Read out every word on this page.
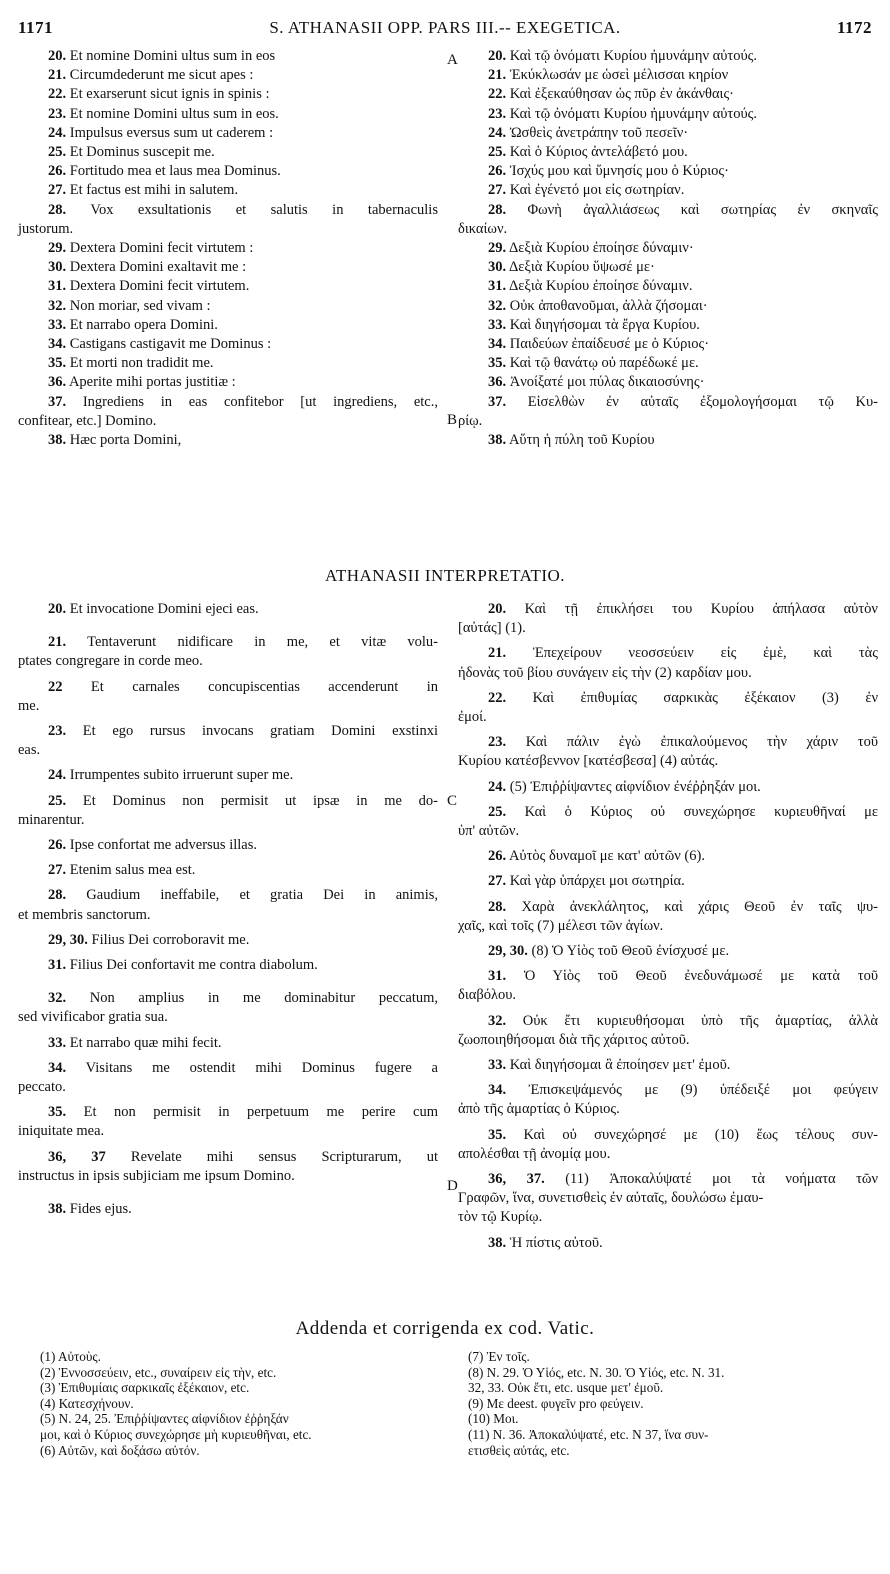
1171	S. ATHANASII OPP. PARS III.-- EXEGETICA.	1172
A
B
C
D
20. Et nomine Domini ultus sum in eos
21. Circumdederunt me sicut apes :
22. Et exarserunt sicut ignis in spinis :
23. Et nomine Domini ultus sum in eos.
24. Impulsus eversus sum ut caderem :
25. Et Dominus suscepit me.
26. Fortitudo mea et laus mea Dominus.
27. Et factus est mihi in salutem.
28. Vox exsultationis et salutis in tabernaculis
justorum.
29. Dextera Domini fecit virtutem :
30. Dextera Domini exaltavit me :
31. Dextera Domini fecit virtutem.
32. Non moriar, sed vivam :
33. Et narrabo opera Domini.
34. Castigans castigavit me Dominus :
35. Et morti non tradidit me.
36. Aperite mihi portas justitiæ :
37. Ingrediens in eas confitebor [ut ingrediens, etc.,
confitear, etc.] Domino.
38. Hæc porta Domini,
20. Καὶ τῷ ὀνόματι Κυρίου ἠμυνάμην αὐτούς.
21. Ἐκύκλωσάν με ὡσεὶ μέλισσαι κηρίον
22. Καὶ ἐξεκαύθησαν ὡς πῦρ ἐν ἀκάνθαις·
23. Καὶ τῷ ὀνόματι Κυρίου ἠμυνάμην αὐτούς.
24. Ὠσθεὶς ἀνετράπην τοῦ πεσεῖν·
25. Καὶ ὁ Κύριος ἀντελάβετό μου.
26. Ἰσχύς μου καὶ ὕμνησίς μου ὁ Κύριος·
27. Καὶ ἐγένετό μοι εἰς σωτηρίαν.
28. Φωνὴ ἀγαλλιάσεως καὶ σωτηρίας ἐν σκηναῖς
δικαίων.
29. Δεξιὰ Κυρίου ἐποίησε δύναμιν·
30. Δεξιὰ Κυρίου ὕψωσέ με·
31. Δεξιὰ Κυρίου ἐποίησε δύναμιν.
32. Οὐκ ἀποθανοῦμαι, ἀλλὰ ζήσομαι·
33. Καὶ διηγήσομαι τὰ ἔργα Κυρίου.
34. Παιδεύων ἐπαίδευσέ με ὁ Κύριος·
35. Καὶ τῷ θανάτῳ οὐ παρέδωκέ με.
36. Ἀνοίξατέ μοι πύλας δικαιοσύνης·
37. Εἰσελθὼν ἐν αὐταῖς ἐξομολογήσομαι τῷ Κυ-
ρίῳ.
38. Αὕτη ἡ πύλη τοῦ Κυρίου
ATHANASII INTERPRETATIO.
20. Et invocatione Domini ejeci eas.
21. Tentaverunt nidificare in me, et vitæ volu-
ptates congregare in corde meo.
22 Et carnales concupiscentias accenderunt in
me.
23. Et ego rursus invocans gratiam Domini exstinxi
eas.
24. Irrumpentes subito irruerunt super me.
25. Et Dominus non permisit ut ipsæ in me do-
minarentur.
26. Ipse confortat me adversus illas.
27. Etenim salus mea est.
28. Gaudium ineffabile, et gratia Dei in animis,
et membris sanctorum.
29, 30. Filius Dei corroboravit me.
31. Filius Dei confortavit me contra diabolum.
32. Non amplius in me dominabitur peccatum,
sed vivificabor gratia sua.
33. Et narrabo quæ mihi fecit.
34. Visitans me ostendit mihi Dominus fugere a
peccato.
35. Et non permisit in perpetuum me perire cum
iniquitate mea.
36, 37 Revelate mihi sensus Scripturarum, ut
instructus in ipsis subjiciam me ipsum Domino.
38. Fides ejus.
20. Καὶ τῇ ἐπικλήσει του Κυρίου ἀπήλασα αὐτὸν
[αὐτάς] (1).
21. Ἐπεχείρουν νεοσσεύειν εἰς ἐμὲ, καὶ τὰς
ἡδονὰς τοῦ βίου συνάγειν εἰς τὴν (2) καρδίαν μου.
22. Καὶ ἐπιθυμίας σαρκικὰς ἐξέκαιον (3) ἐν
ἐμοί.
23. Καὶ πάλιν ἐγὼ ἐπικαλούμενος τὴν χάριν τοῦ
Κυρίου κατέσβεννον [κατέσβεσα] (4) αὐτάς.
24. (5) Ἐπιῤῥίψαντες αἰφνίδιον ἐνέῤῥηξάν μοι.
25. Καὶ ὁ Κύριος οὐ συνεχώρησε κυριευθῆναί με
ὑπ' αὐτῶν.
26. Αὐτὸς δυναμοῖ με κατ' αὐτῶν (6).
27. Καὶ γὰρ ὑπάρχει μοι σωτηρία.
28. Χαρὰ ἀνεκλάλητος, καὶ χάρις Θεοῦ ἐν ταῖς ψυ-
χαῖς, καὶ τοῖς (7) μέλεσι τῶν ἁγίων.
29, 30. (8) Ὁ Υἱὸς τοῦ Θεοῦ ἐνίσχυσέ με.
31. Ὁ Υἱὸς τοῦ Θεοῦ ἐνεδυνάμωσέ με κατὰ τοῦ
διαβόλου.
32. Οὐκ ἔτι κυριευθήσομαι ὑπὸ τῆς ἁμαρτίας, ἀλλὰ
ζωοποιηθήσομαι διὰ τῆς χάριτος αὐτοῦ.
33. Καὶ διηγήσομαι ἃ ἐποίησεν μετ' ἐμοῦ.
34. Ἐπισκεψάμενός με (9) ὑπέδειξέ μοι φεύγειν
ἀπὸ τῆς ἁμαρτίας ὁ Κύριος.
35. Καὶ οὐ συνεχώρησέ με (10) ἕως τέλους συν-
απολέσθαι τῇ ἀνομίᾳ μου.
36, 37. (11) Ἀποκαλύψατέ μοι τὰ νοήματα τῶν
Γραφῶν, ἵνα, συνετισθεὶς ἐν αὐταῖς, δουλώσω ἐμαυ-
τὸν τῷ Κυρίῳ.
38. Ἡ πίστις αὐτοῦ.
Addenda et corrigenda ex cod. Vatic.
(1) Αὐτοὺς.
(2) Ἐννοσσεύειν, etc., συναίρειν εἰς τὴν, etc.
(3) Ἐπιθυμίαις σαρκικαῖς ἐξέκαιον, etc.
(4) Κατεσχήνουν.
(5) N. 24, 25. Ἐπιῤῥίψαντες αἰφνίδιον ἐῤῥηξάν
μοι, καὶ ὁ Κύριος συνεχώρησε μὴ κυριευθῆναι, etc.
(6) Αὐτῶν, καὶ δοξάσω αὐτόν.
(7) Ἐν τοῖς.
(8) N. 29. Ὁ Υἱός, etc. N. 30. Ὁ Υἱός, etc. N. 31.
32, 33. Οὐκ ἔτι, etc. usque μετ' ἐμοῦ.
(9) Με deest. φυγεῖν pro φεύγειν.
(10) Μοι.
(11) N. 36. Ἀποκαλύψατέ, etc. N 37, ἵνα συν-
ετισθεὶς αὐτάς, etc.
